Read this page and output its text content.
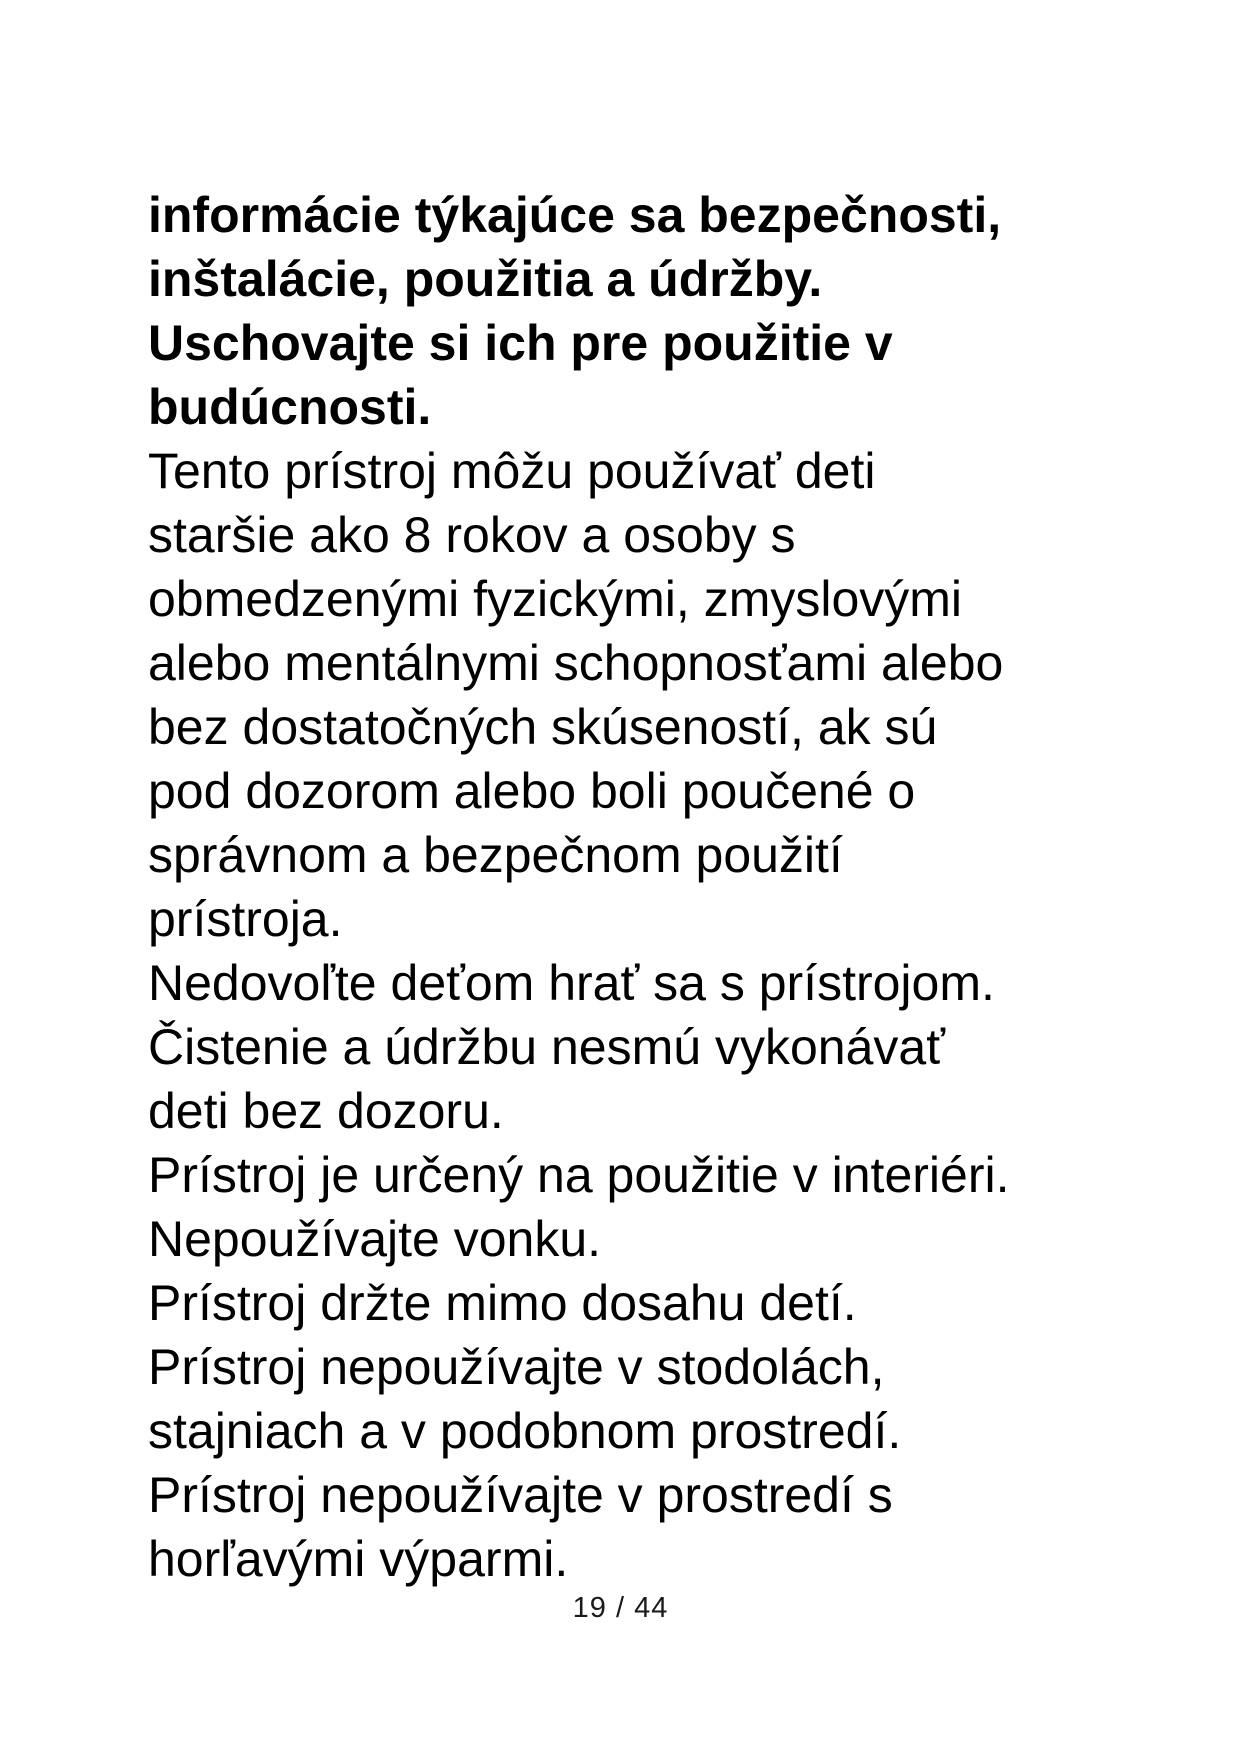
informácie týkajúce sa bezpečnosti,
inštalácie, použitia a údržby.
Uschovajte si ich pre použitie v
budúcnosti.
Tento prístroj môžu používať deti
staršie ako 8 rokov a osoby s
obmedzenými fyzickými, zmyslovými
alebo mentálnymi schopnosťami alebo
bez dostatočných skúseností, ak sú
pod dozorom alebo boli poučené o
správnom a bezpečnom použití
prístroja.
Nedovoľte deťom hrať sa s prístrojom.
Čistenie a údržbu nesmú vykonávať
deti bez dozoru.
Prístroj je určený na použitie v interiéri.
Nepoužívajte vonku.
Prístroj držte mimo dosahu detí.
Prístroj nepoužívajte v stodolách,
stajniach a v podobnom prostredí.
Prístroj nepoužívajte v prostredí s
horľavými výparmi.
19 / 44
